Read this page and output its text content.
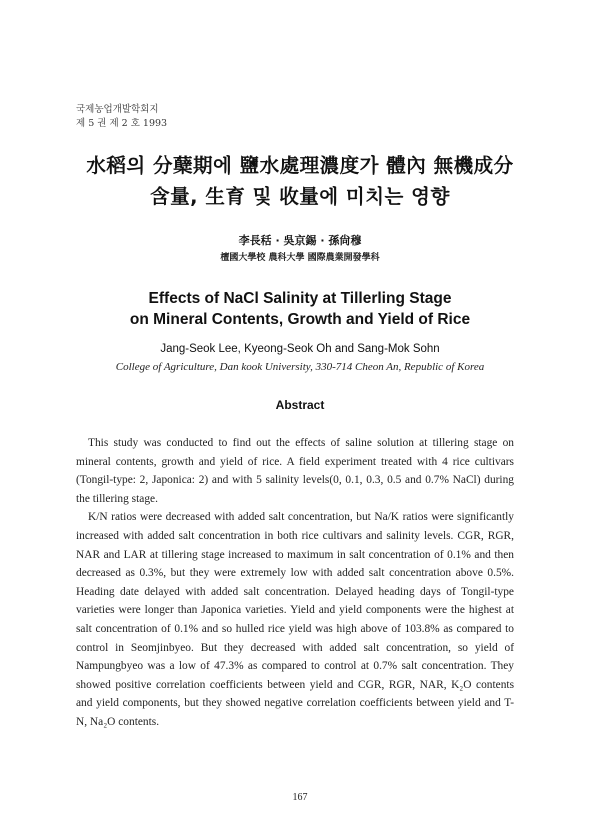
국제농업개발학회지
제 5 권 제 2 호 1993
水稻의 分蘖期에 鹽水處理濃度가 體內 無機成分
含量, 生育 및 收量에 미치는 영향
李長秳 · 吳京錫 · 孫尙穆
檀國大學校 農科大學 國際農業開發學科
Effects of NaCl Salinity at Tillerling Stage
on Mineral Contents, Growth and Yield of Rice
Jang-Seok Lee, Kyeong-Seok Oh and Sang-Mok Sohn
College of Agriculture, Dan kook University, 330-714 Cheon An, Republic of Korea
Abstract

This study was conducted to find out the effects of saline solution at tillering stage on mineral contents, growth and yield of rice. A field experiment treated with 4 rice cultivars (Tongil-type: 2, Japonica: 2) and with 5 salinity levels(0, 0.1, 0.3, 0.5 and 0.7% NaCl) during the tillering stage.

K/N ratios were decreased with added salt concentration, but Na/K ratios were significantly increased with added salt concentration in both rice cultivars and salinity levels. CGR, RGR, NAR and LAR at tillering stage increased to maximum in salt concentration of 0.1% and then decreased as 0.3%, but they were extremely low with added salt concentration above 0.5%. Heading date delayed with added salt concentration. Delayed heading days of Tongil-type varieties were longer than Japonica varieties. Yield and yield components were the highest at salt concentration of 0.1% and so hulled rice yield was high above of 103.8% as compared to control in Seomjinbyeo. But they decreased with added salt concentration, so yield of Nampungbyeo was a low of 47.3% as compared to control at 0.7% salt concentration. They showed positive correlation coefficients between yield and CGR, RGR, NAR, K₂O contents and yield components, but they showed negative correlation coefficients between yield and T-N, Na₂O contents.

167
